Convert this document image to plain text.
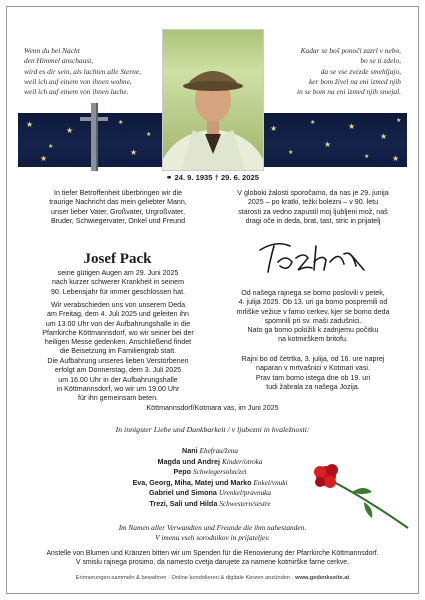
Wenn du bei Nacht
den Himmel anschaust,
wird es dir sein, als lachten alle Sterne,
weil ich auf einem von ihnen wohne,
weil ich auf einem von ihnen lache.
Kadar se boš ponoči zazrl v nebo,
bo se ti zdelo,
da se vse zvezde smehljajo,
ker bom živel na eni izmed njih
in se bom na eni izmed njih smejal.
★
★
★
★
★
★
★
★
★
★
★
★
★
★
★
★
⚭ 24. 9. 1935 † 29. 6. 2025
In tiefer Betroffenheit überbringen wir die
traurige Nachricht das mein geliebter Mann,
unser lieber Vater, Großvater, Urgroßvater,
Bruder, Schwiegervater, Onkel und Freund
Josef Pack
seine gütigen Augen am 29. Juni 2025
nach kurzer schwerer Krankheit in seinem
90. Lebensjahr für immer geschlossen hat.
Wir verabschieden uns von unserem Deda
am Freitag, dem 4. Juli 2025 und geleiten ihn
um 13.00 Uhr von der Aufbahrungshalle in die
Pfarrkirche Köttmannsdorf, wo wir seiner bei der
heiligen Messe gedenken. Anschließend findet
die Beisetzung im Familiengrab statt.
Die Aufbahrung unseres lieben Verstorbenen
erfolgt am Donnerstag, dem 3. Juli 2025
um 16.00 Uhr in der Aufbahrungshalle
in Köttmannsdorf, wo wir um 19.00 Uhr
für ihn gemeinsam beten.
V globoki žalosti sporočamo, da nas je 29. junija
2025 – po kratki, težki bolezni – v 90. letu
starosti za vedno zapustil moj ljubljeni mož, naš
dragi oče in deda, brat, tast, stric in prijatelj
Od našega rajnega se bomo poslovili v petek,
4. julija 2025. Ob 13. uri ga bomo pospremili od
mrliške vežice v farno cerkev, kjer se bomo deda
spomnili pri sv. maši zadušnici.
Nato ga bomo položili k zadnjemu počitku
na kotmirškem britofu.
Rajni bo od četrtka, 3. julija, od 16. ure naprej
naparan v mrtvašnici v Kotmari vasi.
Prav tam bomo istega dne ob 19. uri
tudi žabrala za našega Jozija.
Köttmannsdorf/Kotmara vas, im Juni 2025
In innigster Liebe und Dankbarkeit / v ljubezni in hvaležnosti:
Nani Ehefrau/žena
Magda und Andrej Kinder/otroka
Pepo Schwiegersohn/zet
Eva, Georg, Miha, Matej und Marko Enkel/vnuki
Gabriel und Simona Urenkel/pravnuka
Trezi, Sali und Hilda Schwestern/sestre
Im Namen aller Verwandten und Freunde die ihm nahestanden.
V imenu vseh sorodnikov in prijateljev.
Anstelle von Blumen und Kränzen bitten wir um Spenden für die Renovierung der Pfarrkirche Köttmannsdorf.
V smislu rajnega prosimo, da namesto cvetja darujete za namene kotmirške farne cerkve.
Erinnerungen sammeln & bewahren · Online kondolieren & digitale Kerzen anzünden · www.gedenkseite.at
